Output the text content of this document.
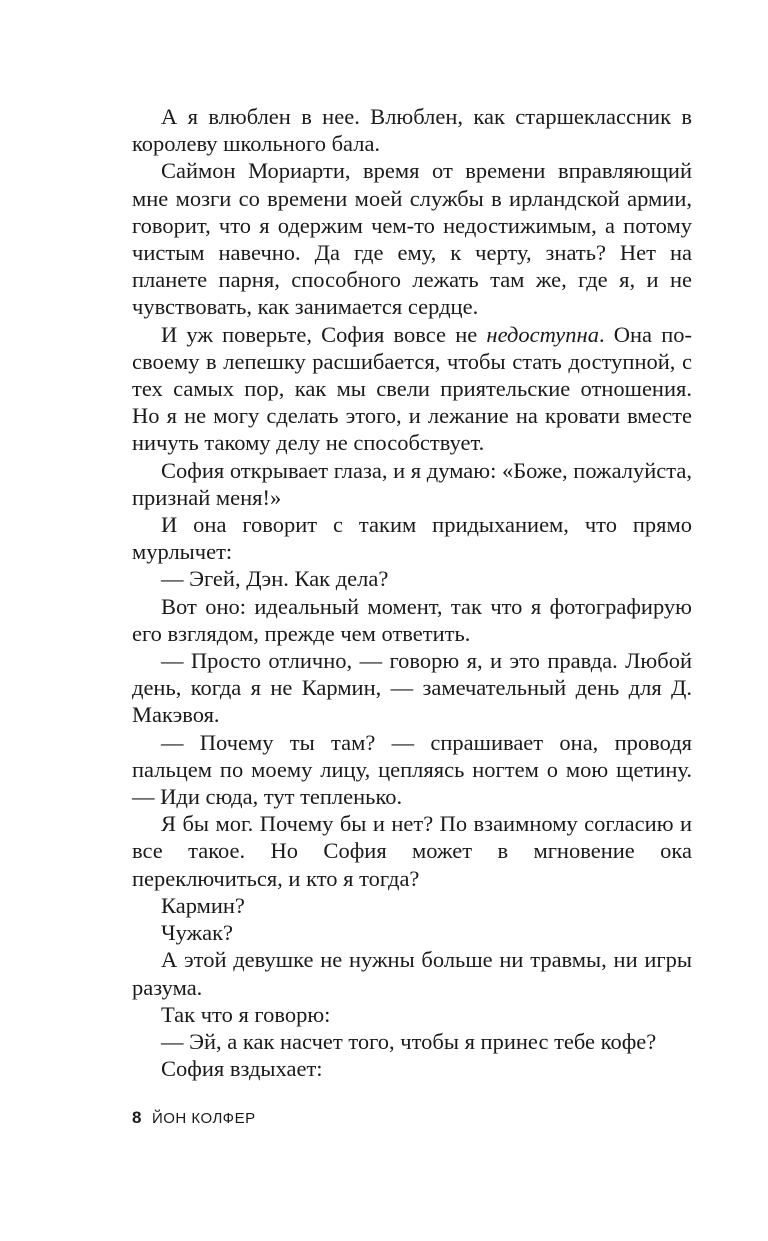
А я влюблен в нее. Влюблен, как старшеклассник в королеву школьного бала.

Саймон Мориарти, время от времени вправляющий мне мозги со времени моей службы в ирландской армии, говорит, что я одержим чем-то недостижимым, а потому чистым навечно. Да где ему, к черту, знать? Нет на планете парня, способного лежать там же, где я, и не чувствовать, как занимается сердце.

И уж поверьте, София вовсе не недоступна. Она по-своему в лепешку расшибается, чтобы стать доступной, с тех самых пор, как мы свели приятельские отношения. Но я не могу сделать этого, и лежание на кровати вместе ничуть такому делу не способствует.

София открывает глаза, и я думаю: «Боже, пожалуйста, признай меня!»

И она говорит с таким придыханием, что прямо мурлычет:

— Эгей, Дэн. Как дела?

Вот оно: идеальный момент, так что я фотографирую его взглядом, прежде чем ответить.

— Просто отлично, — говорю я, и это правда. Любой день, когда я не Кармин, — замечательный день для Д. Макэвоя.

— Почему ты там? — спрашивает она, проводя пальцем по моему лицу, цепляясь ногтем о мою щетину. — Иди сюда, тут тепленько.

Я бы мог. Почему бы и нет? По взаимному согласию и все такое. Но София может в мгновение ока переключиться, и кто я тогда?

Кармин?

Чужак?

А этой девушке не нужны больше ни травмы, ни игры разума.

Так что я говорю:

— Эй, а как насчет того, чтобы я принес тебе кофе?

София вздыхает:

8 ЙОН КОЛФЕР
